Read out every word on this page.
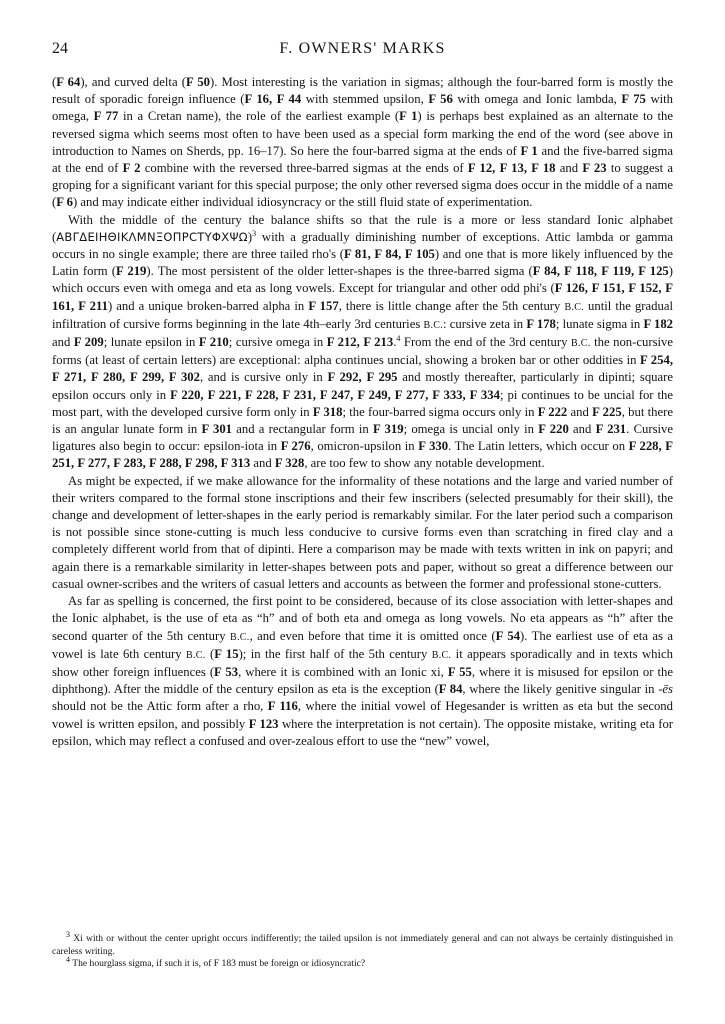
24	F. OWNERS' MARKS

(F 64), and curved delta (F 50). Most interesting is the variation in sigmas; although the four-barred form is mostly the result of sporadic foreign influence (F 16, F 44 with stemmed upsilon, F 56 with omega and Ionic lambda, F 75 with omega, F 77 in a Cretan name), the role of the earliest example (F 1) is perhaps best explained as an alternate to the reversed sigma which seems most often to have been used as a special form marking the end of the word (see above in introduction to Names on Sherds, pp. 16–17). So here the four-barred sigma at the ends of F 1 and the five-barred sigma at the end of F 2 combine with the reversed three-barred sigmas at the ends of F 12, F 13, F 18 and F 23 to suggest a groping for a significant variant for this special purpose; the only other reversed sigma does occur in the middle of a name (F 6) and may indicate either individual idiosyncracy or the still fluid state of experimentation.

With the middle of the century the balance shifts so that the rule is a more or less standard Ionic alphabet $(AB\Gamma\Delta EIH\Theta IK\Lambda MN\Xi O\Pi PϹT\Upsilon\Phi X\Psi\Omega)^3$ with a gradually diminishing number of exceptions. Attic lambda or gamma occurs in no single example; there are three tailed rho's (F 81, F 84, F 105) and one that is more likely influenced by the Latin form (F 219). The most persistent of the older letter-shapes is the three-barred sigma (F 84, F 118, F 119, F 125) which occurs even with omega and eta as long vowels. Except for triangular and other odd phi's (F 126, F 151, F 152, F 161, F 211) and a unique broken-barred alpha in F 157, there is little change after the 5th century B.C. until the gradual infiltration of cursive forms beginning in the late 4th–early 3rd centuries B.C.: cursive zeta in F 178; lunate sigma in F 182 and F 209; lunate epsilon in F 210; cursive omega in F 212, F 213.$^4$ From the end of the 3rd century B.C. the non-cursive forms (at least of certain letters) are exceptional: alpha continues uncial, showing a broken bar or other oddities in F 254, F 271, F 280, F 299, F 302, and is cursive only in F 292, F 295 and mostly thereafter, particularly in dipinti; square epsilon occurs only in F 220, F 221, F 228, F 231, F 247, F 249, F 277, F 333, F 334; pi continues to be uncial for the most part, with the developed cursive form only in F 318; the four-barred sigma occurs only in F 222 and F 225, but there is an angular lunate form in F 301 and a rectangular form in F 319; omega is uncial only in F 220 and F 231. Cursive ligatures also begin to occur: epsilon-iota in F 276, omicron-upsilon in F 330. The Latin letters, which occur on F 228, F 251, F 277, F 283, F 288, F 298, F 313 and F 328, are too few to show any notable development.

As might be expected, if we make allowance for the informality of these notations and the large and varied number of their writers compared to the formal stone inscriptions and their few inscribers (selected presumably for their skill), the change and development of letter-shapes in the early period is remarkably similar. For the later period such a comparison is not possible since stone-cutting is much less conducive to cursive forms even than scratching in fired clay and a completely different world from that of dipinti. Here a comparison may be made with texts written in ink on papyri; and again there is a remarkable similarity in letter-shapes between pots and paper, without so great a difference between our casual owner-scribes and the writers of casual letters and accounts as between the former and professional stone-cutters.

As far as spelling is concerned, the first point to be considered, because of its close association with letter-shapes and the Ionic alphabet, is the use of eta as “h” and of both eta and omega as long vowels. No eta appears as “h” after the second quarter of the 5th century B.C., and even before that time it is omitted once (F 54). The earliest use of eta as a vowel is late 6th century B.C. (F 15); in the first half of the 5th century B.C. it appears sporadically and in texts which show other foreign influences (F 53, where it is combined with an Ionic xi, F 55, where it is misused for epsilon or the diphthong). After the middle of the century epsilon as eta is the exception (F 84, where the likely genitive singular in -ēs should not be the Attic form after a rho, F 116, where the initial vowel of Hegesander is written as eta but the second vowel is written epsilon, and possibly F 123 where the interpretation is not certain). The opposite mistake, writing eta for epsilon, which may reflect a confused and over-zealous effort to use the “new” vowel,

$^3$ Xi with or without the center upright occurs indifferently; the tailed upsilon is not immediately general and can not always be certainly distinguished in careless writing.

$^4$ The hourglass sigma, if such it is, of F 183 must be foreign or idiosyncratic?
